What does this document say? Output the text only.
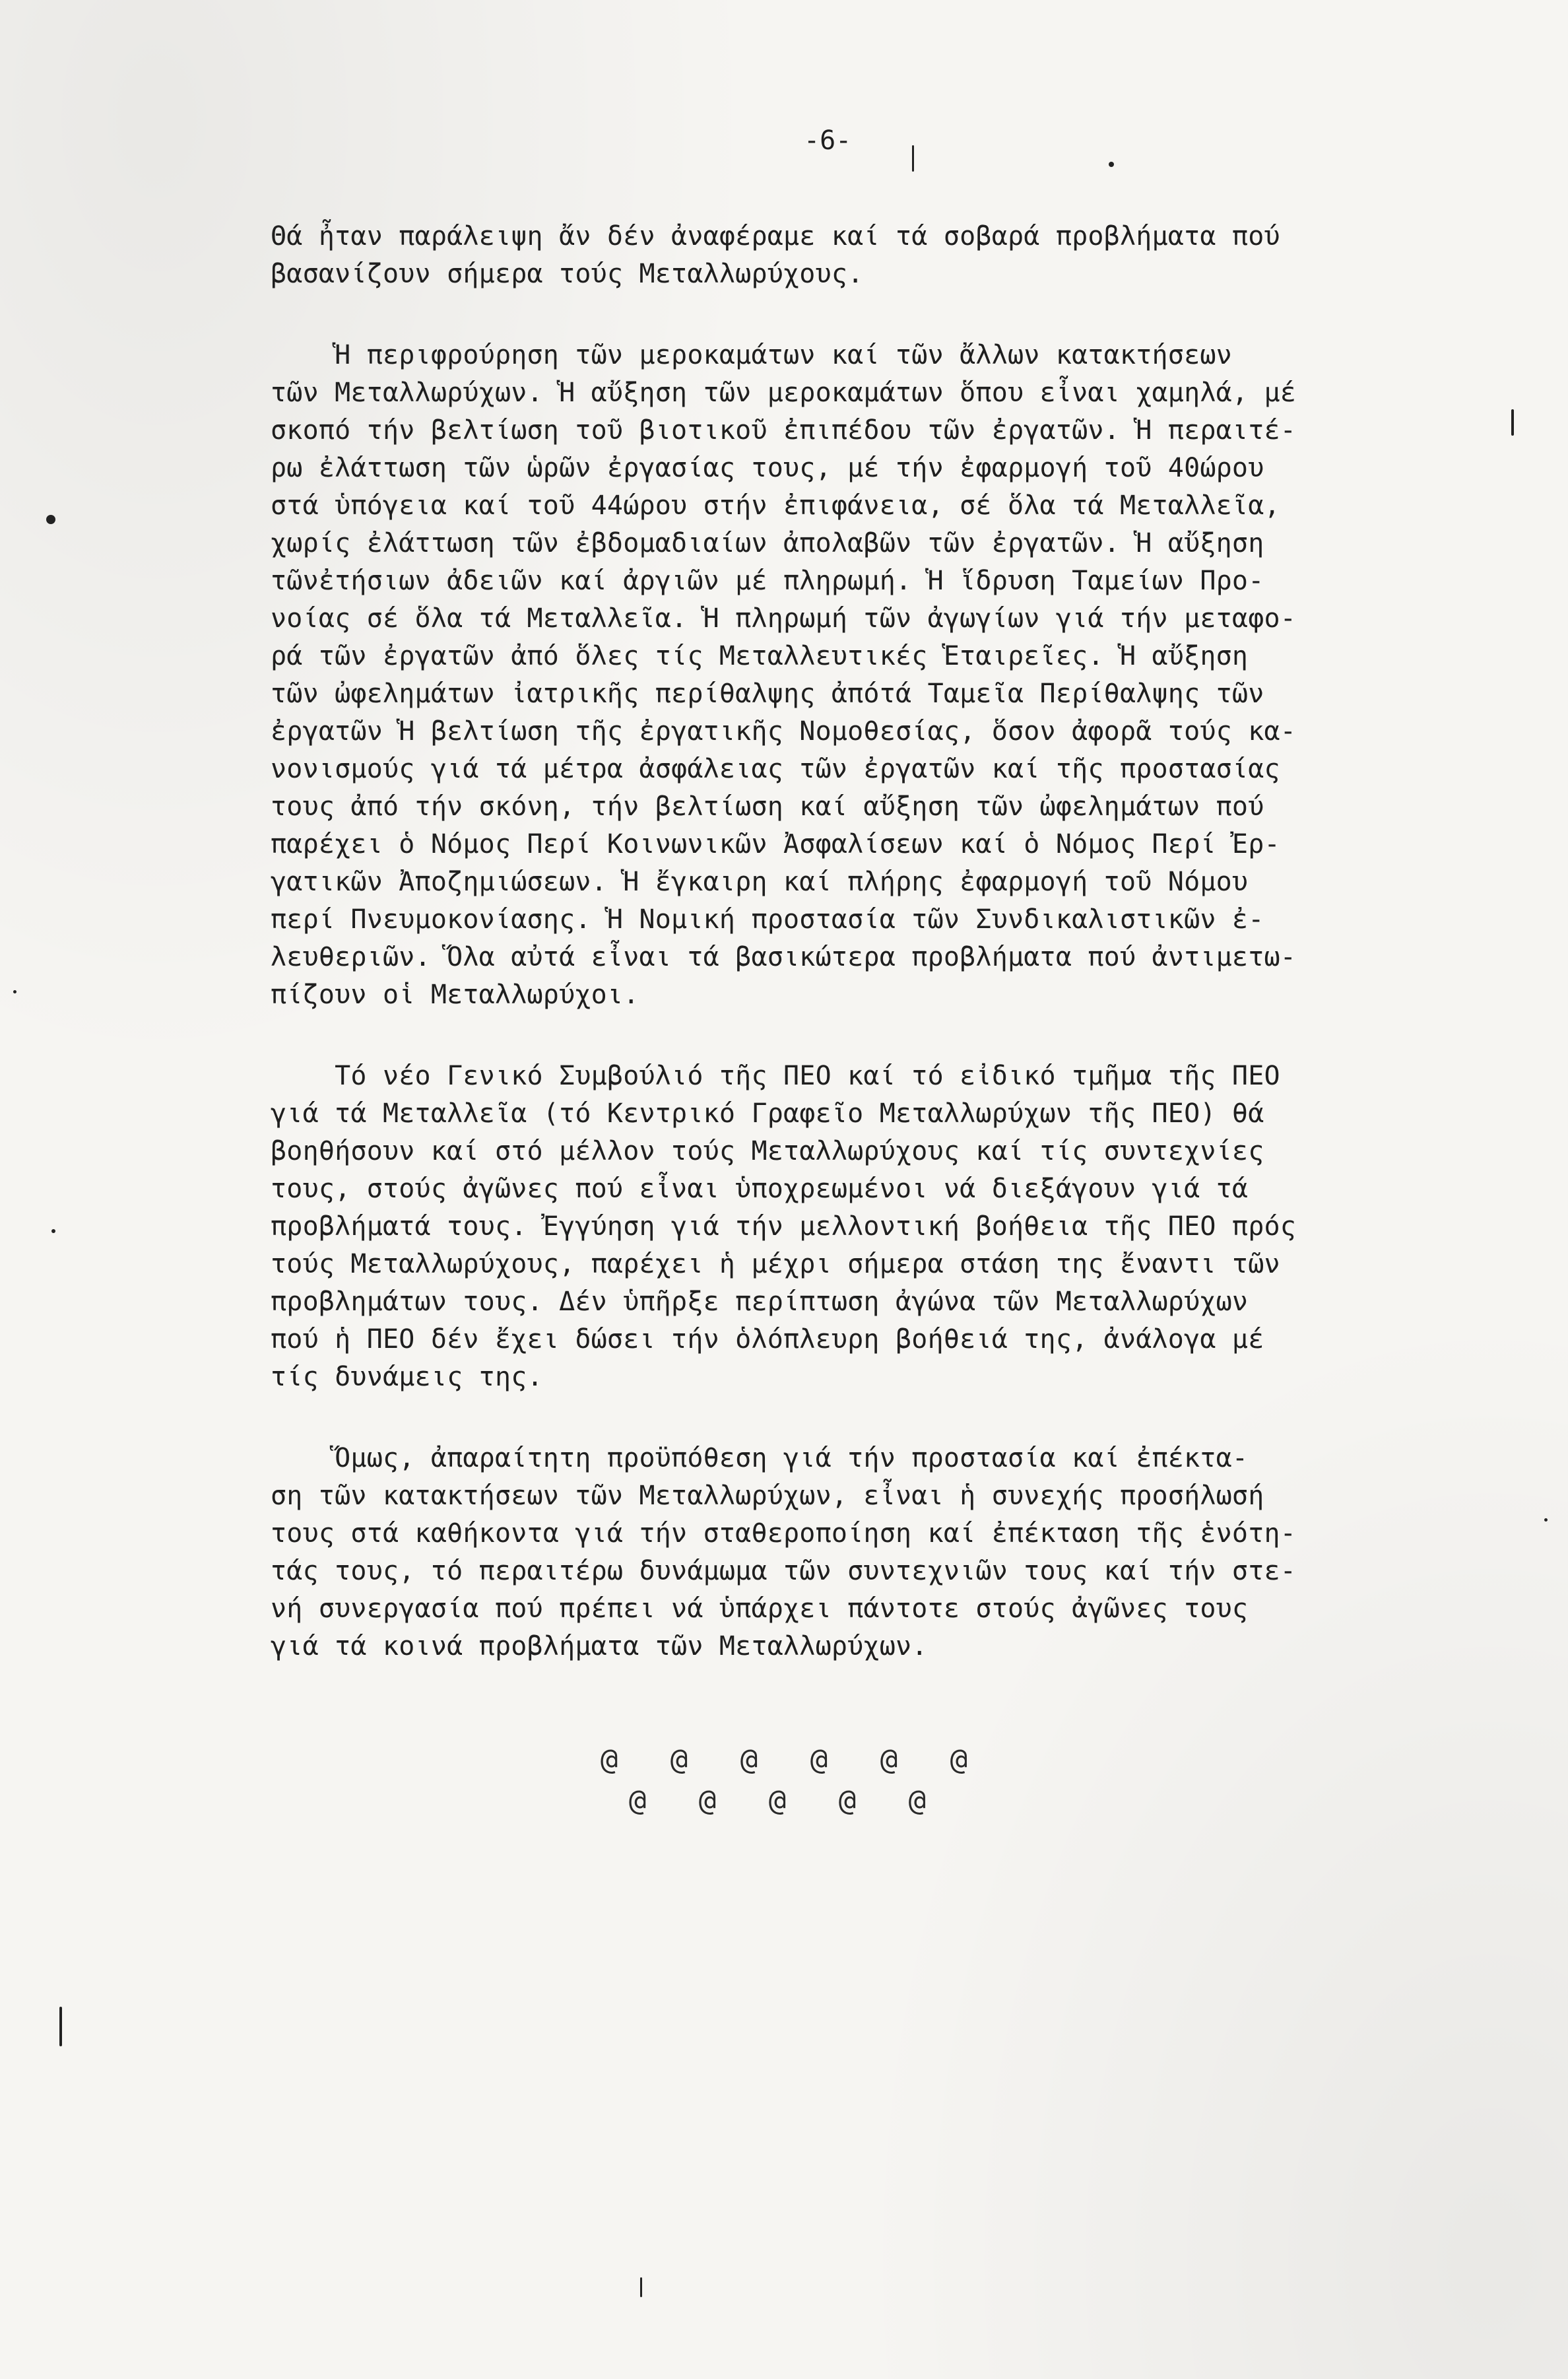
-6-
Θά ἦταν παράλειψη ἄν δέν ἀναφέραμε καί τά σοβαρά προβλήματα πού
βασανίζουν σήμερα τούς Μεταλλωρύχους.
Ἡ περιφρούρηση τῶν μεροκαμάτων καί τῶν ἄλλων κατακτήσεων
τῶν Μεταλλωρύχων. Ἡ αὔξηση τῶν μεροκαμάτων ὅπου εἶναι χαμηλά, μέ
σκοπό τήν βελτίωση τοῦ βιοτικοῦ ἐπιπέδου τῶν ἐργατῶν. Ἡ περαιτέ-
ρω ἐλάττωση τῶν ὡρῶν ἐργασίας τους, μέ τήν ἐφαρμογή τοῦ 40ώρου
στά ὑπόγεια καί τοῦ 44ώρου στήν ἐπιφάνεια, σέ ὅλα τά Μεταλλεῖα,
χωρίς ἐλάττωση τῶν ἐβδομαδιαίων ἀπολαβῶν τῶν ἐργατῶν. Ἡ αὔξηση
τῶνἐτήσιων ἀδειῶν καί ἀργιῶν μέ πληρωμή. Ἡ ἵδρυση Ταμείων Προ-
νοίας σέ ὅλα τά Μεταλλεῖα. Ἡ πληρωμή τῶν ἀγωγίων γιά τήν μεταφο-
ρά τῶν ἐργατῶν ἀπό ὅλες τίς Μεταλλευτικές Ἑταιρεῖες. Ἡ αὔξηση
τῶν ὠφελημάτων ἰατρικῆς περίθαλψης ἀπότά Ταμεῖα Περίθαλψης τῶν
ἐργατῶν Ἡ βελτίωση τῆς ἐργατικῆς Νομοθεσίας, ὅσον ἀφορᾶ τούς κα-
νονισμούς γιά τά μέτρα ἀσφάλειας τῶν ἐργατῶν καί τῆς προστασίας
τους ἀπό τήν σκόνη, τήν βελτίωση καί αὔξηση τῶν ὠφελημάτων πού
παρέχει ὁ Νόμος Περί Κοινωνικῶν Ἀσφαλίσεων καί ὁ Νόμος Περί Ἐρ-
γατικῶν Ἀποζημιώσεων. Ἡ ἔγκαιρη καί πλήρης ἐφαρμογή τοῦ Νόμου
περί Πνευμοκονίασης. Ἡ Νομική προστασία τῶν Συνδικαλιστικῶν ἐ-
λευθεριῶν. Ὅλα αὐτά εἶναι τά βασικώτερα προβλήματα πού ἀντιμετω-
πίζουν οἱ Μεταλλωρύχοι.
Τό νέο Γενικό Συμβούλιό τῆς ΠΕΟ καί τό εἰδικό τμῆμα τῆς ΠΕΟ
γιά τά Μεταλλεῖα (τό Κεντρικό Γραφεῖο Μεταλλωρύχων τῆς ΠΕΟ) θά
βοηθήσουν καί στό μέλλον τούς Μεταλλωρύχους καί τίς συντεχνίες
τους, στούς ἀγῶνες πού εἶναι ὑποχρεωμένοι νά διεξάγουν γιά τά
προβλήματά τους. Ἐγγύηση γιά τήν μελλοντική βοήθεια τῆς ΠΕΟ πρός
τούς Μεταλλωρύχους, παρέχει ἡ μέχρι σήμερα στάση της ἔναντι τῶν
προβλημάτων τους. Δέν ὑπῆρξε περίπτωση ἀγώνα τῶν Μεταλλωρύχων
πού ἡ ΠΕΟ δέν ἔχει δώσει τήν ὁλόπλευρη βοήθειά της, ἀνάλογα μέ
τίς δυνάμεις της.
Ὅμως, ἀπαραίτητη προϋπόθεση γιά τήν προστασία καί ἐπέκτα-
ση τῶν κατακτήσεων τῶν Μεταλλωρύχων, εἶναι ἡ συνεχής προσήλωσή
τους στά καθήκοντα γιά τήν σταθεροποίηση καί ἐπέκταση τῆς ἑνότη-
τάς τους, τό περαιτέρω δυνάμωμα τῶν συντεχνιῶν τους καί τήν στε-
νή συνεργασία πού πρέπει νά ὑπάρχει πάντοτε στούς ἀγῶνες τους
γιά τά κοινά προβλήματα τῶν Μεταλλωρύχων.
@   @   @   @   @   @
@   @   @   @   @
